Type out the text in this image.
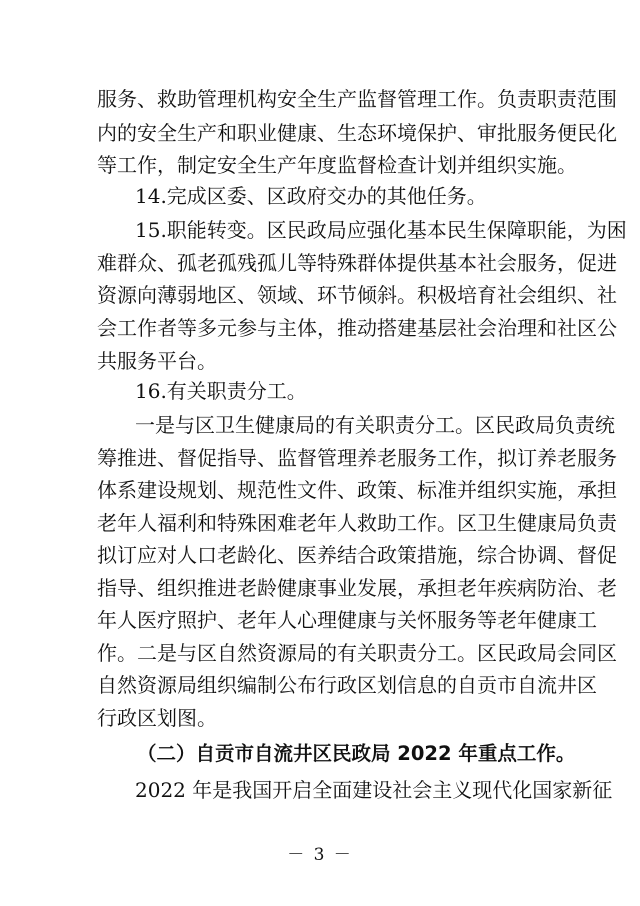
服务、救助管理机构安全生产监督管理工作。负责职责范围
内的安全生产和职业健康、生态环境保护、审批服务便民化
等工作，制定安全生产年度监督检查计划并组织实施。
14.完成区委、区政府交办的其他任务。
15.职能转变。区民政局应强化基本民生保障职能，为困
难群众、孤老孤残孤儿等特殊群体提供基本社会服务，促进
资源向薄弱地区、领域、环节倾斜。积极培育社会组织、社
会工作者等多元参与主体，推动搭建基层社会治理和社区公
共服务平台。
16.有关职责分工。
一是与区卫生健康局的有关职责分工。区民政局负责统
筹推进、督促指导、监督管理养老服务工作，拟订养老服务
体系建设规划、规范性文件、政策、标准并组织实施，承担
老年人福利和特殊困难老年人救助工作。区卫生健康局负责
拟订应对人口老龄化、医养结合政策措施，综合协调、督促
指导、组织推进老龄健康事业发展，承担老年疾病防治、老
年人医疗照护、老年人心理健康与关怀服务等老年健康工
作。二是与区自然资源局的有关职责分工。区民政局会同区
自然资源局组织编制公布行政区划信息的自贡市自流井区
行政区划图。
（二）自贡市自流井区民政局 2022 年重点工作。
2022 年是我国开启全面建设社会主义现代化国家新征
－ 3 －
